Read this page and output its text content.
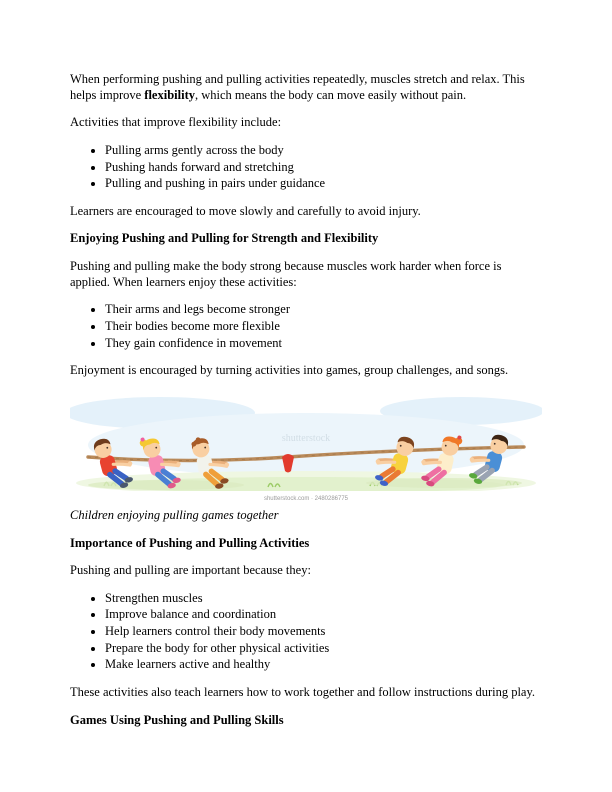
When performing pushing and pulling activities repeatedly, muscles stretch and relax. This helps improve flexibility, which means the body can move easily without pain.

Activities that improve flexibility include:

• Pulling arms gently across the body
• Pushing hands forward and stretching
• Pulling and pushing in pairs under guidance

Learners are encouraged to move slowly and carefully to avoid injury.

Enjoying Pushing and Pulling for Strength and Flexibility

Pushing and pulling make the body strong because muscles work harder when force is applied. When learners enjoy these activities:

• Their arms and legs become stronger
• Their bodies become more flexible
• They gain confidence in movement

Enjoyment is encouraged by turning activities into games, group challenges, and songs.

shutterstock
shutterstock.com · 2480286775
Children enjoying pulling games together
Importance of Pushing and Pulling Activities

Pushing and pulling are important because they:

• Strengthen muscles
• Improve balance and coordination
• Help learners control their body movements
• Prepare the body for other physical activities
• Make learners active and healthy

These activities also teach learners how to work together and follow instructions during play.

Games Using Pushing and Pulling Skills
